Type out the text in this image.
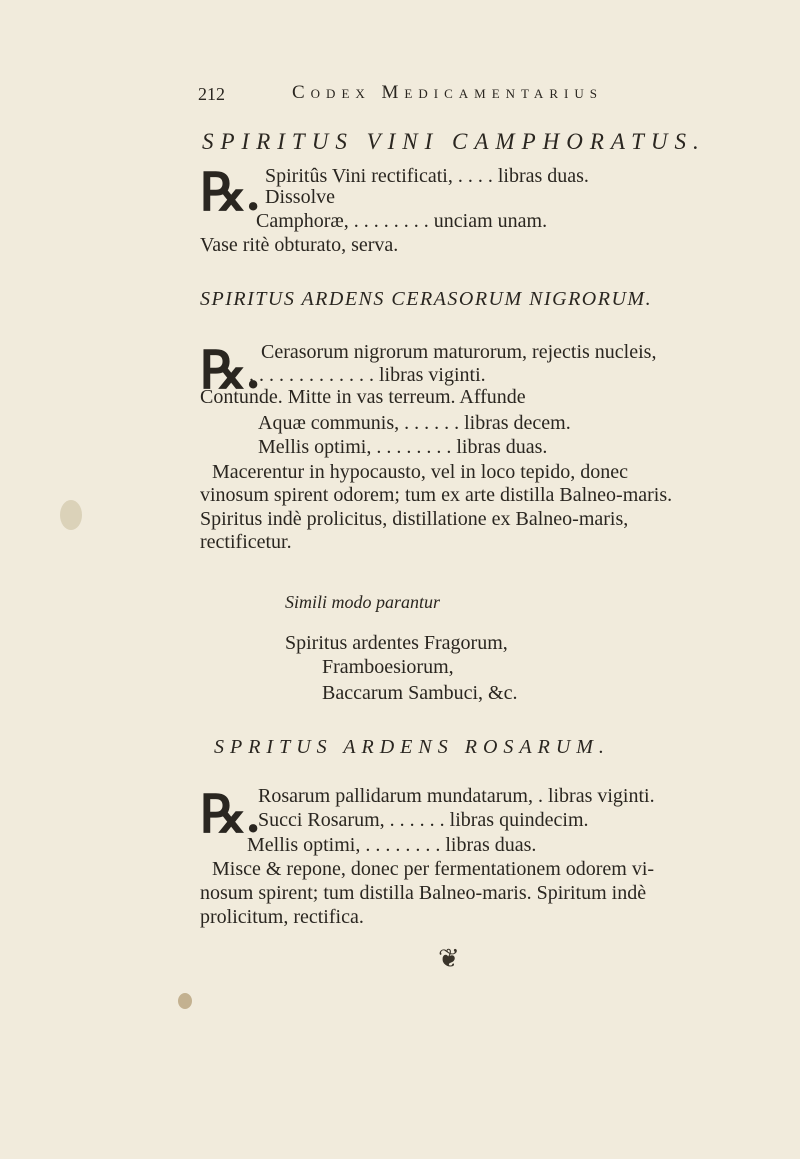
212	Codex Medicamentarius
SPIRITUS VINI CAMPHORATUS.
℞. Spiritûs Vini rectificati, . . . . libras duas.
Dissolve
Camphoræ, . . . . . . . . unciam unam.
Vase ritè obturato, serva.
SPIRITUS ARDENS CERASORUM NIGRORUM.
℞. Cerasorum nigrorum maturorum, rejectis nucleis,
. . . . . . . . . . . . . libras viginti.
Contunde. Mitte in vas terreum. Affunde
Aquæ communis, . . . . . . libras decem.
Mellis optimi, . . . . . . . . libras duas.
Macerentur in hypocausto, vel in loco tepido, donec
vinosum spirent odorem; tum ex arte distilla Balneo-maris.
Spiritus indè prolicitus, distillatione ex Balneo-maris,
rectificetur.
Simili modo parantur
Spiritus ardentes Fragorum,
Framboesiorum,
Baccarum Sambuci, &c.
SPRITUS ARDENS ROSARUM.
℞.
Rosarum pallidarum mundatarum, . libras viginti.
Succi Rosarum, . . . . . . libras quindecim.
Mellis optimi, . . . . . . . . libras duas.
Misce & repone, donec per fermentationem odorem vi-
nosum spirent; tum distilla Balneo-maris. Spiritum indè
prolicitum, rectifica.
❦
